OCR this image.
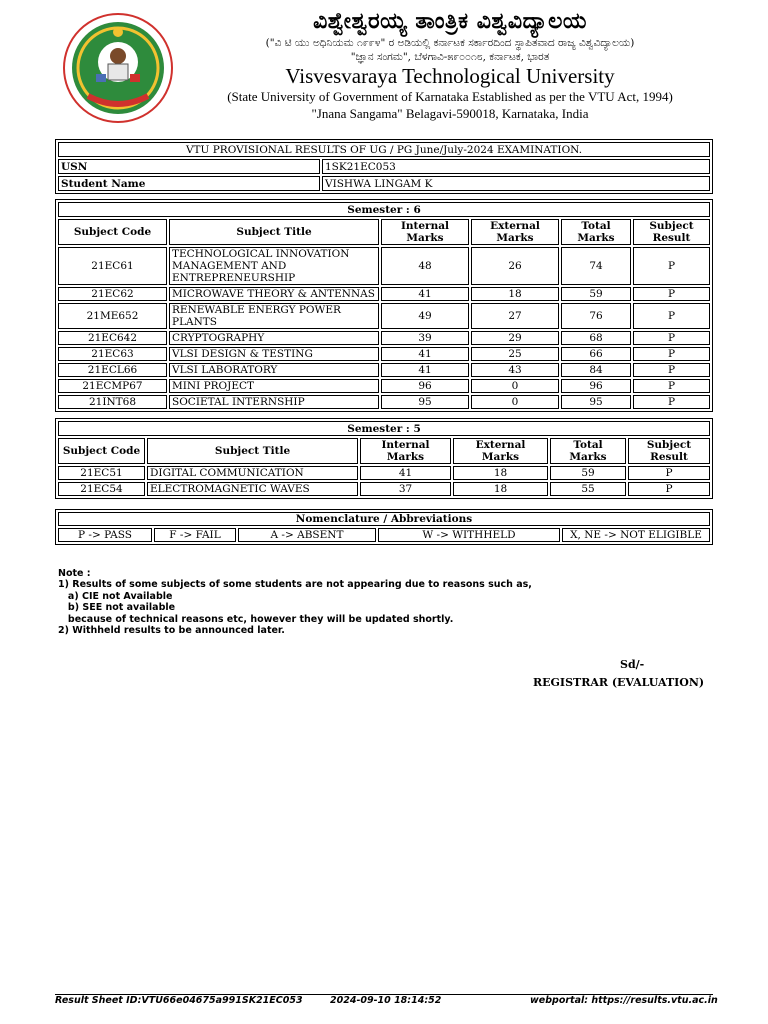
ವಿಶ್ವೇಶ್ವರಯ್ಯ ತಾಂತ್ರಿಕ ವಿಶ್ವವಿದ್ಯಾಲಯ
("ವಿ ಟಿ ಯು ಅಧಿನಿಯಮ ೧೯೯೪" ರ ಅಡಿಯಲ್ಲಿ ಕರ್ನಾಟಕ ಸರ್ಕಾರದಿಂದ ಸ್ಥಾಪಿತವಾದ ರಾಜ್ಯ ವಿಶ್ವವಿದ್ಯಾಲಯ)
"ಜ್ಞಾನ ಸಂಗಮ", ಬೆಳಗಾವಿ-೫೯೦೦೧೮, ಕರ್ನಾಟಕ, ಭಾರತ
Visvesvaraya Technological University
(State University of Government of Karnataka Established as per the VTU Act, 1994)
"Jnana Sangama" Belagavi-590018, Karnataka, India
VTU PROVISIONAL RESULTS OF UG / PG June/July-2024 EXAMINATION.	
USN	1SK21EC053
Student Name	VISHWA LINGAM K
Semester : 6					
Subject Code	Subject Title	Internal Marks	External Marks	Total Marks	Subject Result
21EC61	TECHNOLOGICAL INNOVATION MANAGEMENT AND ENTREPRENEURSHIP	48	26	74	P
21EC62	MICROWAVE THEORY & ANTENNAS	41	18	59	P
21ME652	RENEWABLE ENERGY POWER PLANTS	49	27	76	P
21EC642	CRYPTOGRAPHY	39	29	68	P
21EC63	VLSI DESIGN & TESTING	41	25	66	P
21ECL66	VLSI LABORATORY	41	43	84	P
21ECMP67	MINI PROJECT	96	0	96	P
21INT68	SOCIETAL INTERNSHIP	95	0	95	P
Semester : 5					
Subject Code	Subject Title	Internal Marks	External Marks	Total Marks	Subject Result
21EC51	DIGITAL COMMUNICATION	41	18	59	P
21EC54	ELECTROMAGNETIC WAVES	37	18	55	P
Nomenclature / Abbreviations
P -> PASS	F -> FAIL	A -> ABSENT	W -> WITHHELD	X, NE -> NOT ELIGIBLE
Note :
1) Results of some subjects of some students are not appearing due to reasons such as,
a) CIE not Available
b) SEE not available
because of technical reasons etc, however they will be updated shortly.
2) Withheld results to be announced later.
Sd/-
REGISTRAR (EVALUATION)
Result Sheet ID:VTU66e04675a991SK21EC053	2024-09-10 18:14:52	webportal: https://results.vtu.ac.in
